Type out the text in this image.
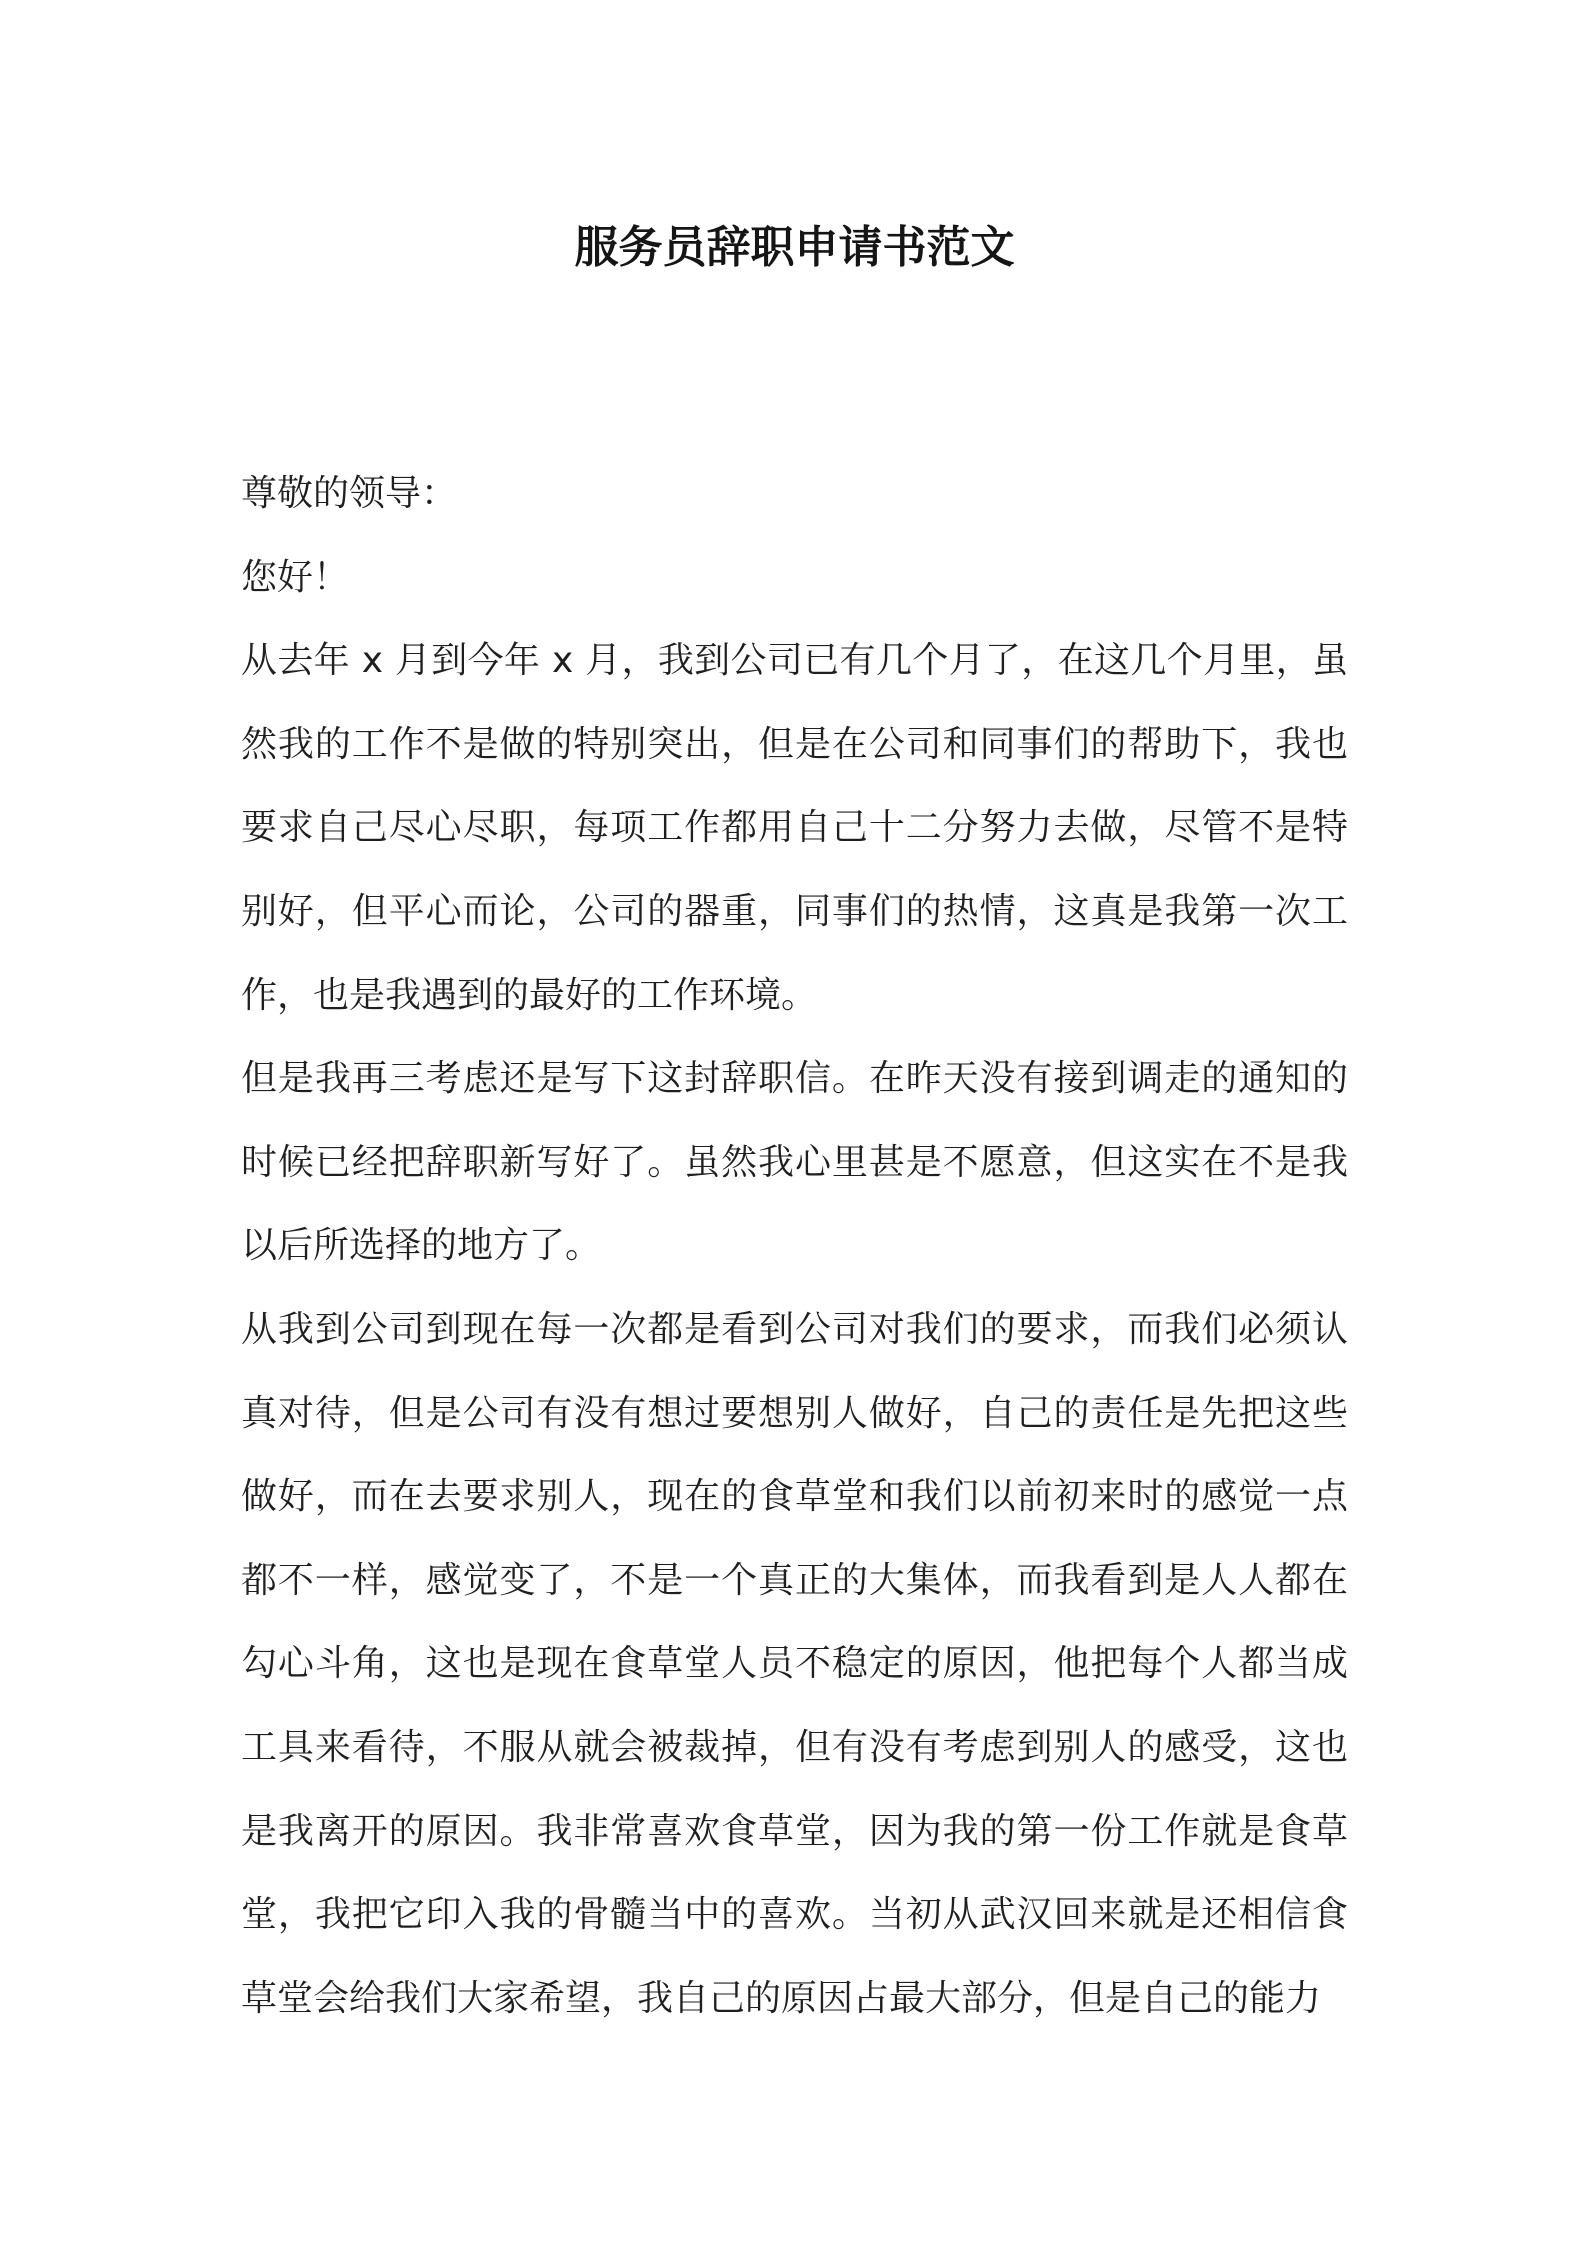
服务员辞职申请书范文

尊敬的领导：

您好！

从去年 x 月到今年 x 月，我到公司已有几个月了，在这几个月里，虽然我的工作不是做的特别突出，但是在公司和同事们的帮助下，我也要求自己尽心尽职，每项工作都用自己十二分努力去做，尽管不是特别好，但平心而论，公司的器重，同事们的热情，这真是我第一次工作，也是我遇到的最好的工作环境。

但是我再三考虑还是写下这封辞职信。在昨天没有接到调走的通知的时候已经把辞职新写好了。虽然我心里甚是不愿意，但这实在不是我以后所选择的地方了。

从我到公司到现在每一次都是看到公司对我们的要求，而我们必须认真对待，但是公司有没有想过要想别人做好，自己的责任是先把这些做好，而在去要求别人，现在的食草堂和我们以前初来时的感觉一点都不一样，感觉变了，不是一个真正的大集体，而我看到是人人都在勾心斗角，这也是现在食草堂人员不稳定的原因，他把每个人都当成工具来看待，不服从就会被裁掉，但有没有考虑到别人的感受，这也是我离开的原因。我非常喜欢食草堂，因为我的第一份工作就是食草堂，我把它印入我的骨髓当中的喜欢。当初从武汉回来就是还相信食草堂会给我们大家希望，我自己的原因占最大部分，但是自己的能力
